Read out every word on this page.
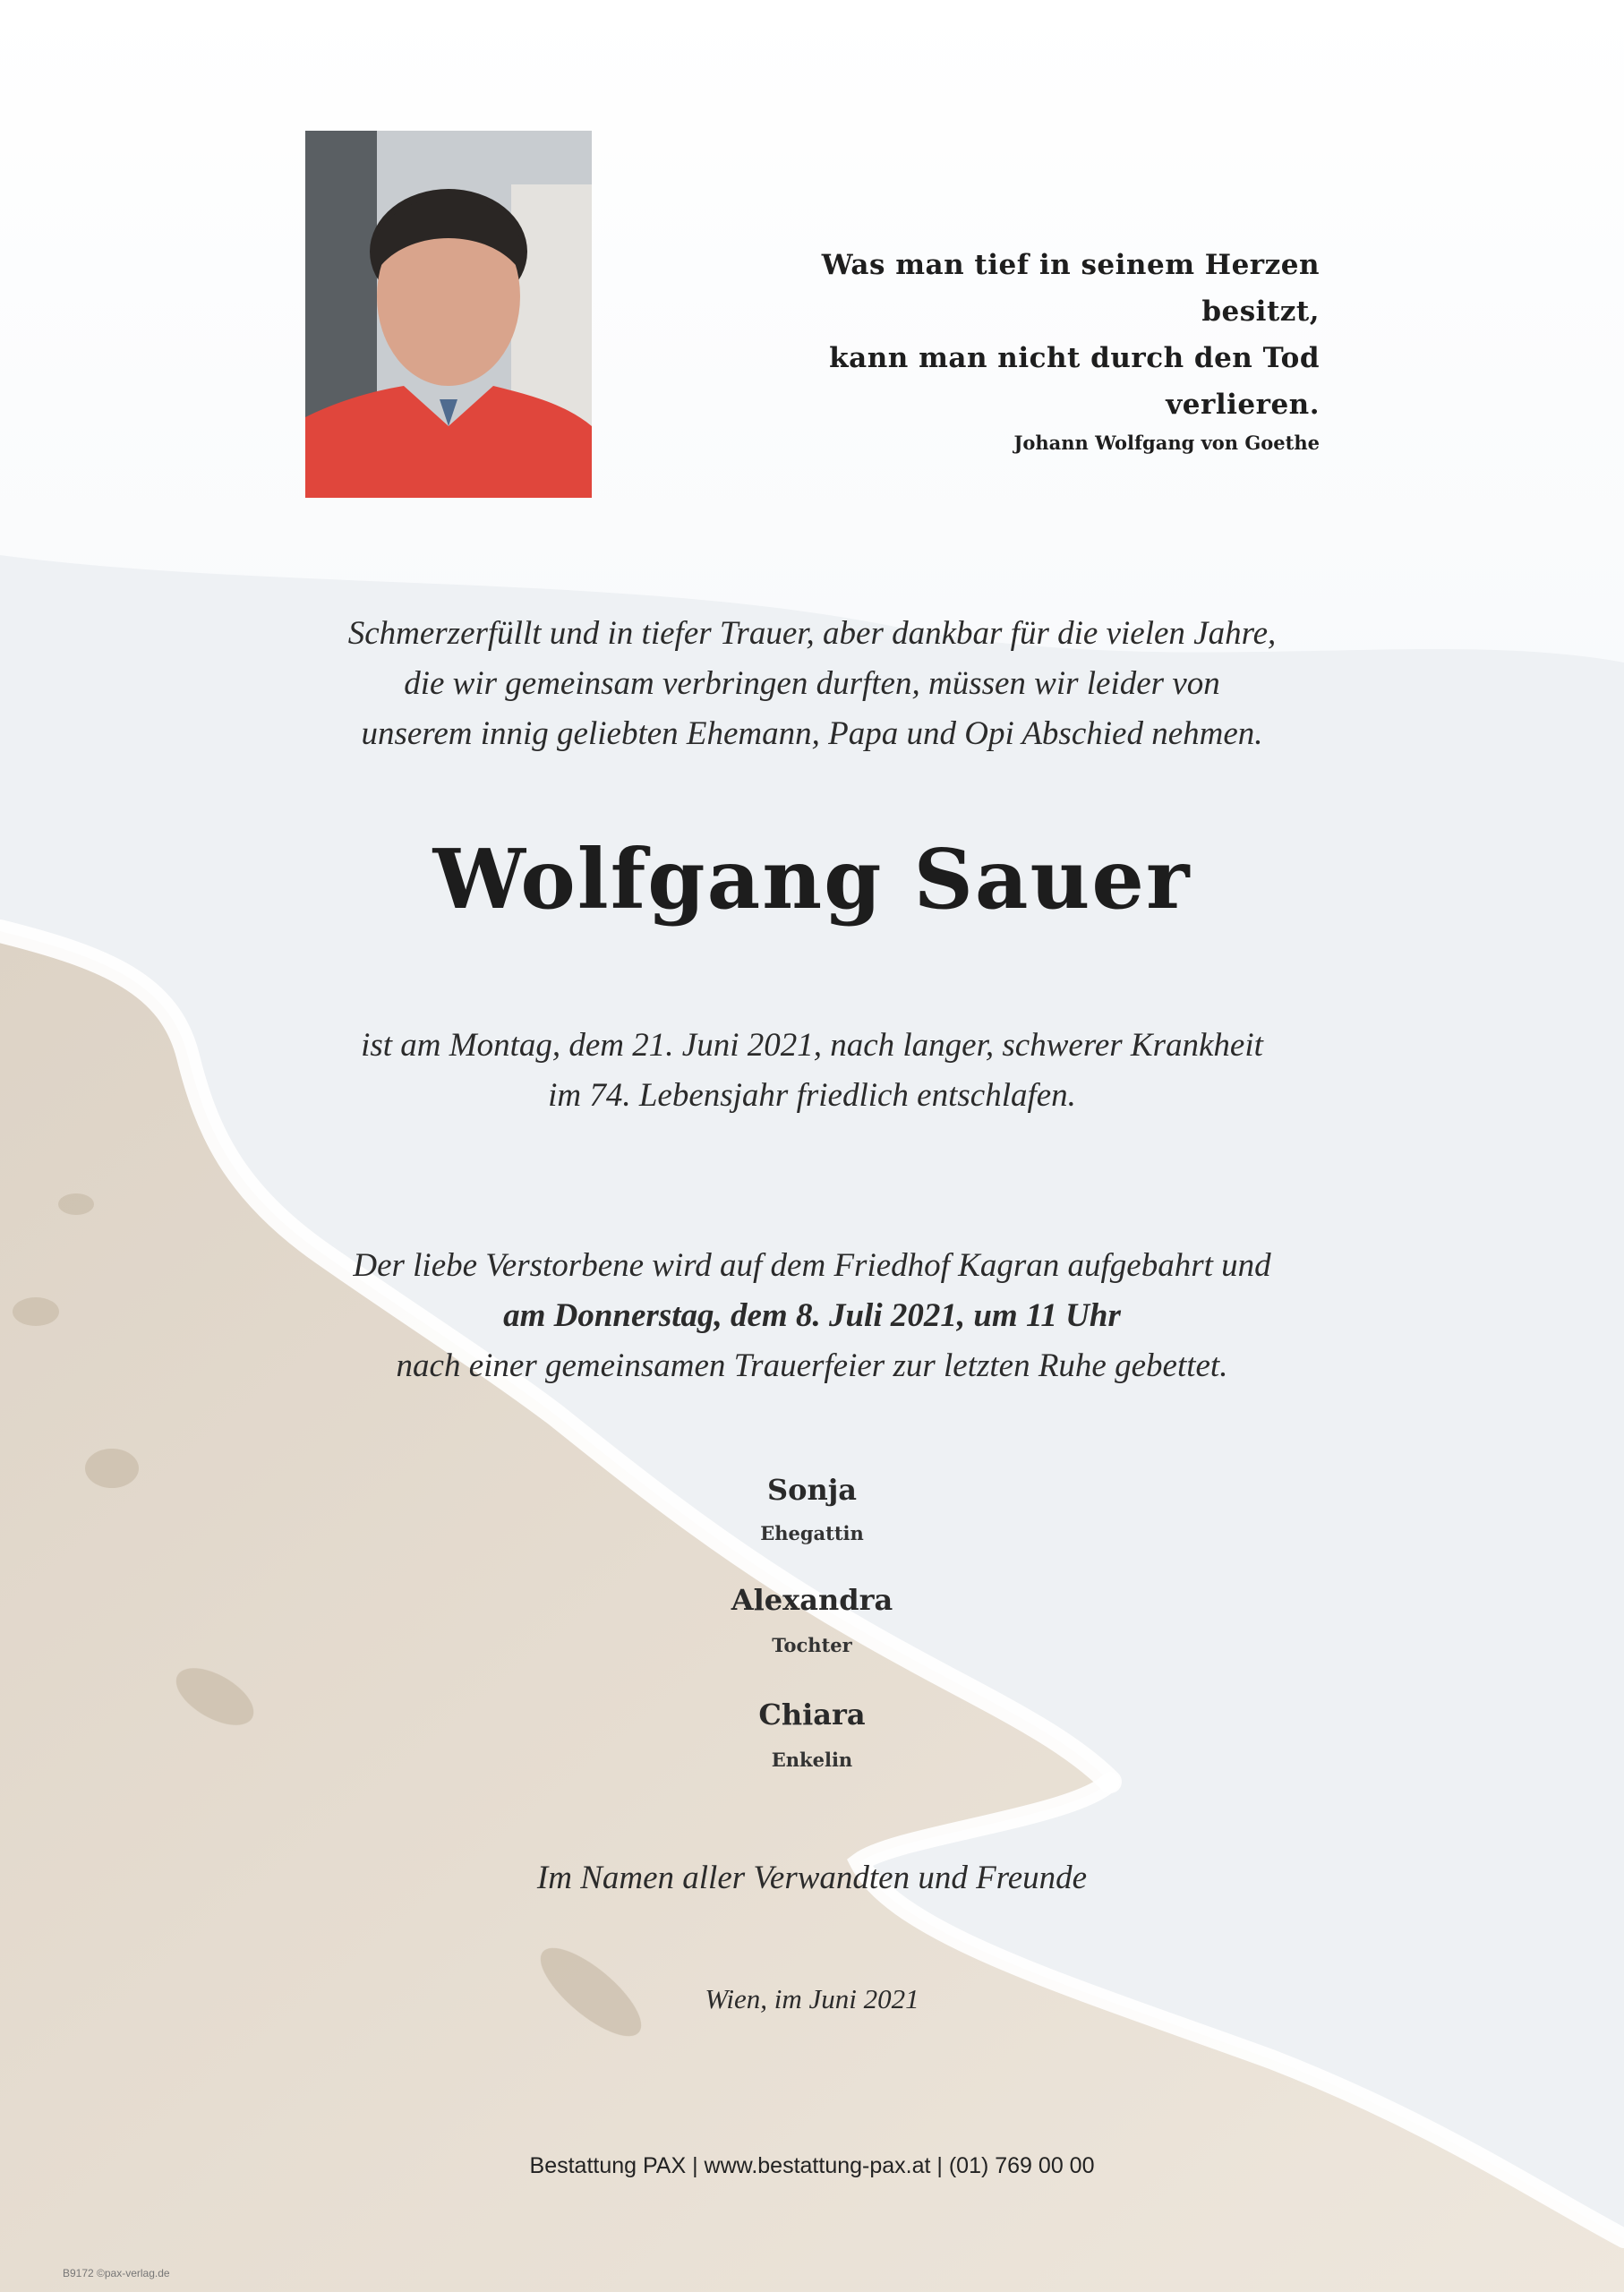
Was man tief in seinem Herzen besitzt,
kann man nicht durch den Tod verlieren.
Johann Wolfgang von Goethe
Schmerzerfüllt und in tiefer Trauer, aber dankbar für die vielen Jahre,
die wir gemeinsam verbringen durften, müssen wir leider von
unserem innig geliebten Ehemann, Papa und Opi Abschied nehmen.
Wolfgang Sauer
ist am Montag, dem 21. Juni 2021, nach langer, schwerer Krankheit
im 74. Lebensjahr friedlich entschlafen.
Der liebe Verstorbene wird auf dem Friedhof Kagran aufgebahrt und
am Donnerstag, dem 8. Juli 2021, um 11 Uhr
nach einer gemeinsamen Trauerfeier zur letzten Ruhe gebettet.
Sonja
Ehegattin
Alexandra
Tochter
Chiara
Enkelin
Im Namen aller Verwandten und Freunde
Wien, im Juni 2021
Bestattung PAX | www.bestattung-pax.at | (01) 769 00 00
B9172 ©pax-verlag.de
